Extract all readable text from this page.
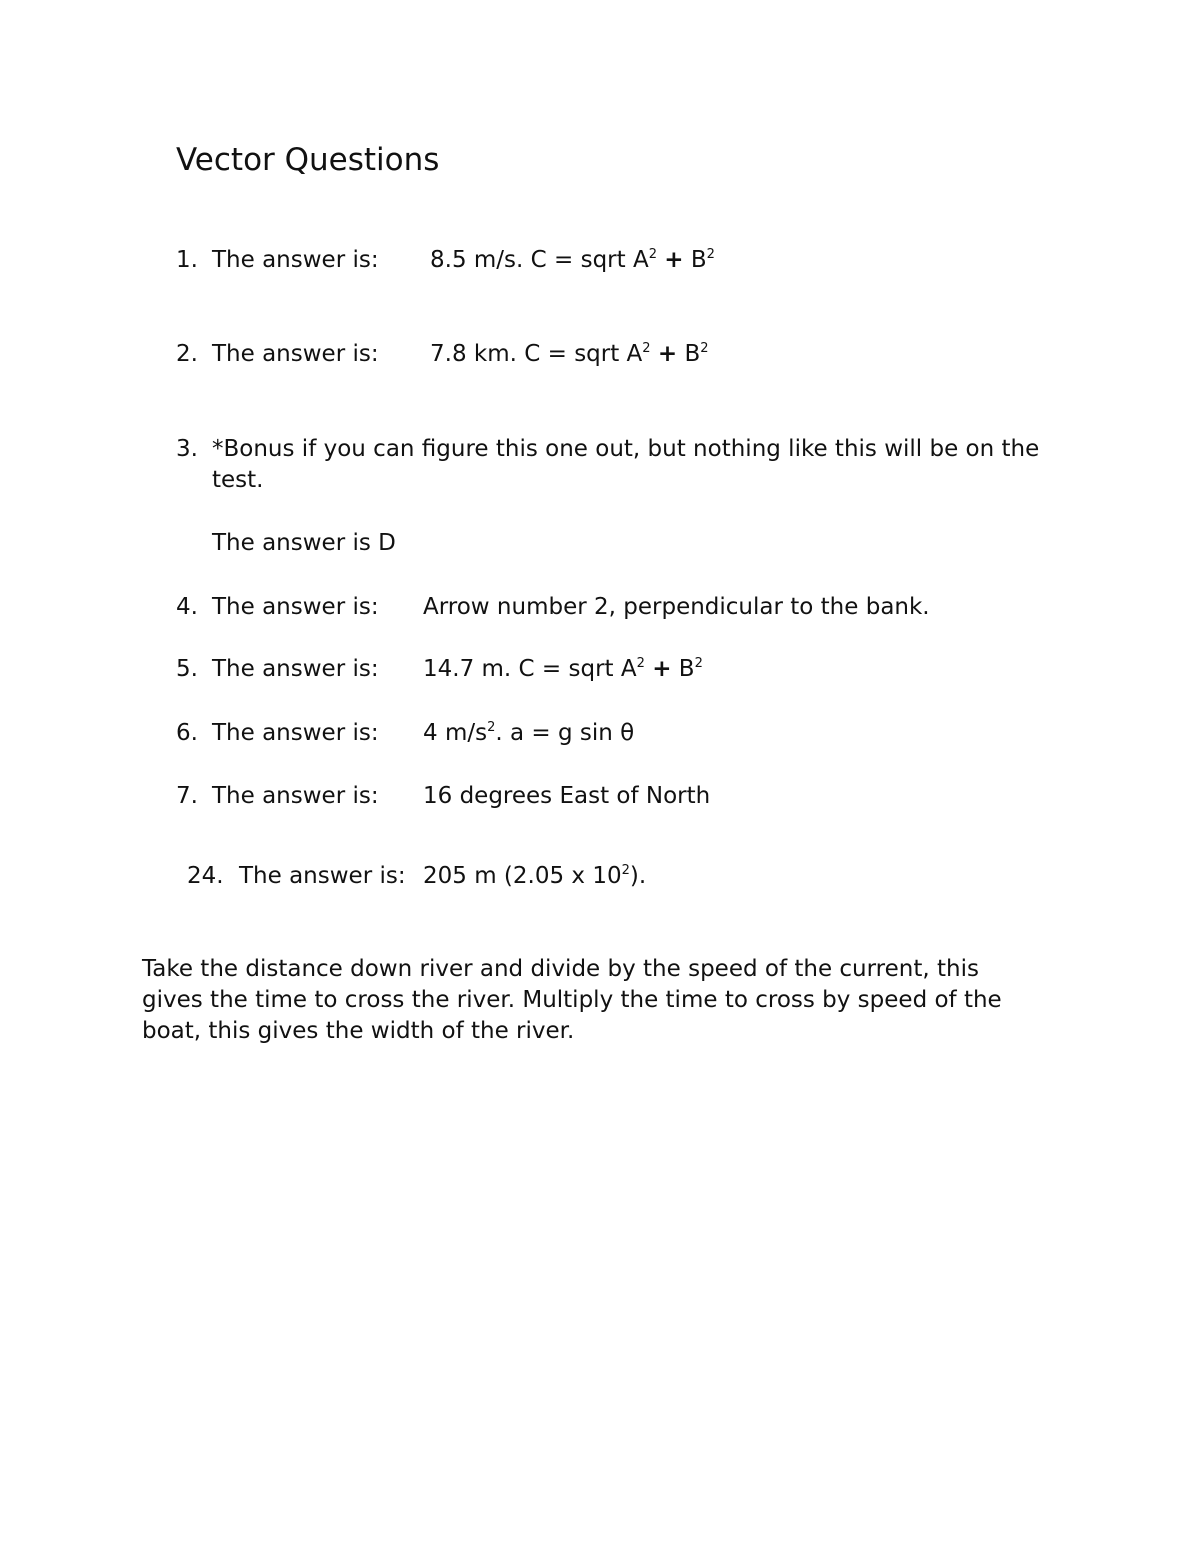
Vector Questions
1. The answer is: 8.5 m/s. C = sqrt $A^2 + B^2$
2. The answer is: 7.8 km. C = sqrt $A^2 + B^2$
3. *Bonus if you can figure this one out, but nothing like this will be on the
test.
The answer is D
4. The answer is: Arrow number 2, perpendicular to the bank.
5. The answer is: 14.7 m. C = sqrt $A^2 + B^2$
6. The answer is: 4 $m/s^2$. a = g sin θ
7. The answer is: 16 degrees East of North
24. The answer is: 205 m (2.05 x $10^2$).
Take the distance down river and divide by the speed of the current, this
gives the time to cross the river. Multiply the time to cross by speed of the
boat, this gives the width of the river.
